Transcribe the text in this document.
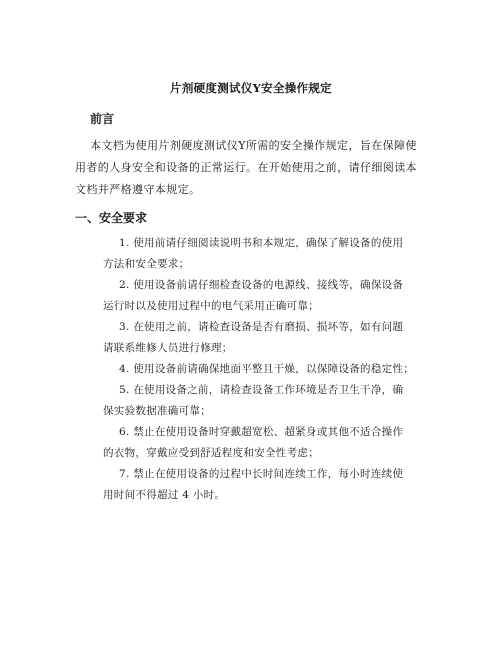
片剂硬度测试仪Y安全操作规定
前言
本文档为使用片剂硬度测试仪Y所需的安全操作规定，旨在保障使
用者的人身安全和设备的正常运行。在开始使用之前，请仔细阅读本
文档并严格遵守本规定。
一、安全要求
1. 使用前请仔细阅读说明书和本规定，确保了解设备的使用
方法和安全要求；
2. 使用设备前请仔细检查设备的电源线、接线等，确保设备
运行时以及使用过程中的电气采用正确可靠；
3. 在使用之前，请检查设备是否有磨损、损坏等，如有问题
请联系维修人员进行修理；
4. 使用设备前请确保地面平整且干燥，以保障设备的稳定性；
5. 在使用设备之前，请检查设备工作环境是否卫生干净，确
保实验数据准确可靠；
6. 禁止在使用设备时穿戴超宽松、超紧身或其他不适合操作
的衣物，穿戴应受到舒适程度和安全性考虑；
7. 禁止在使用设备的过程中长时间连续工作，每小时连续使
用时间不得超过 4 小时。
